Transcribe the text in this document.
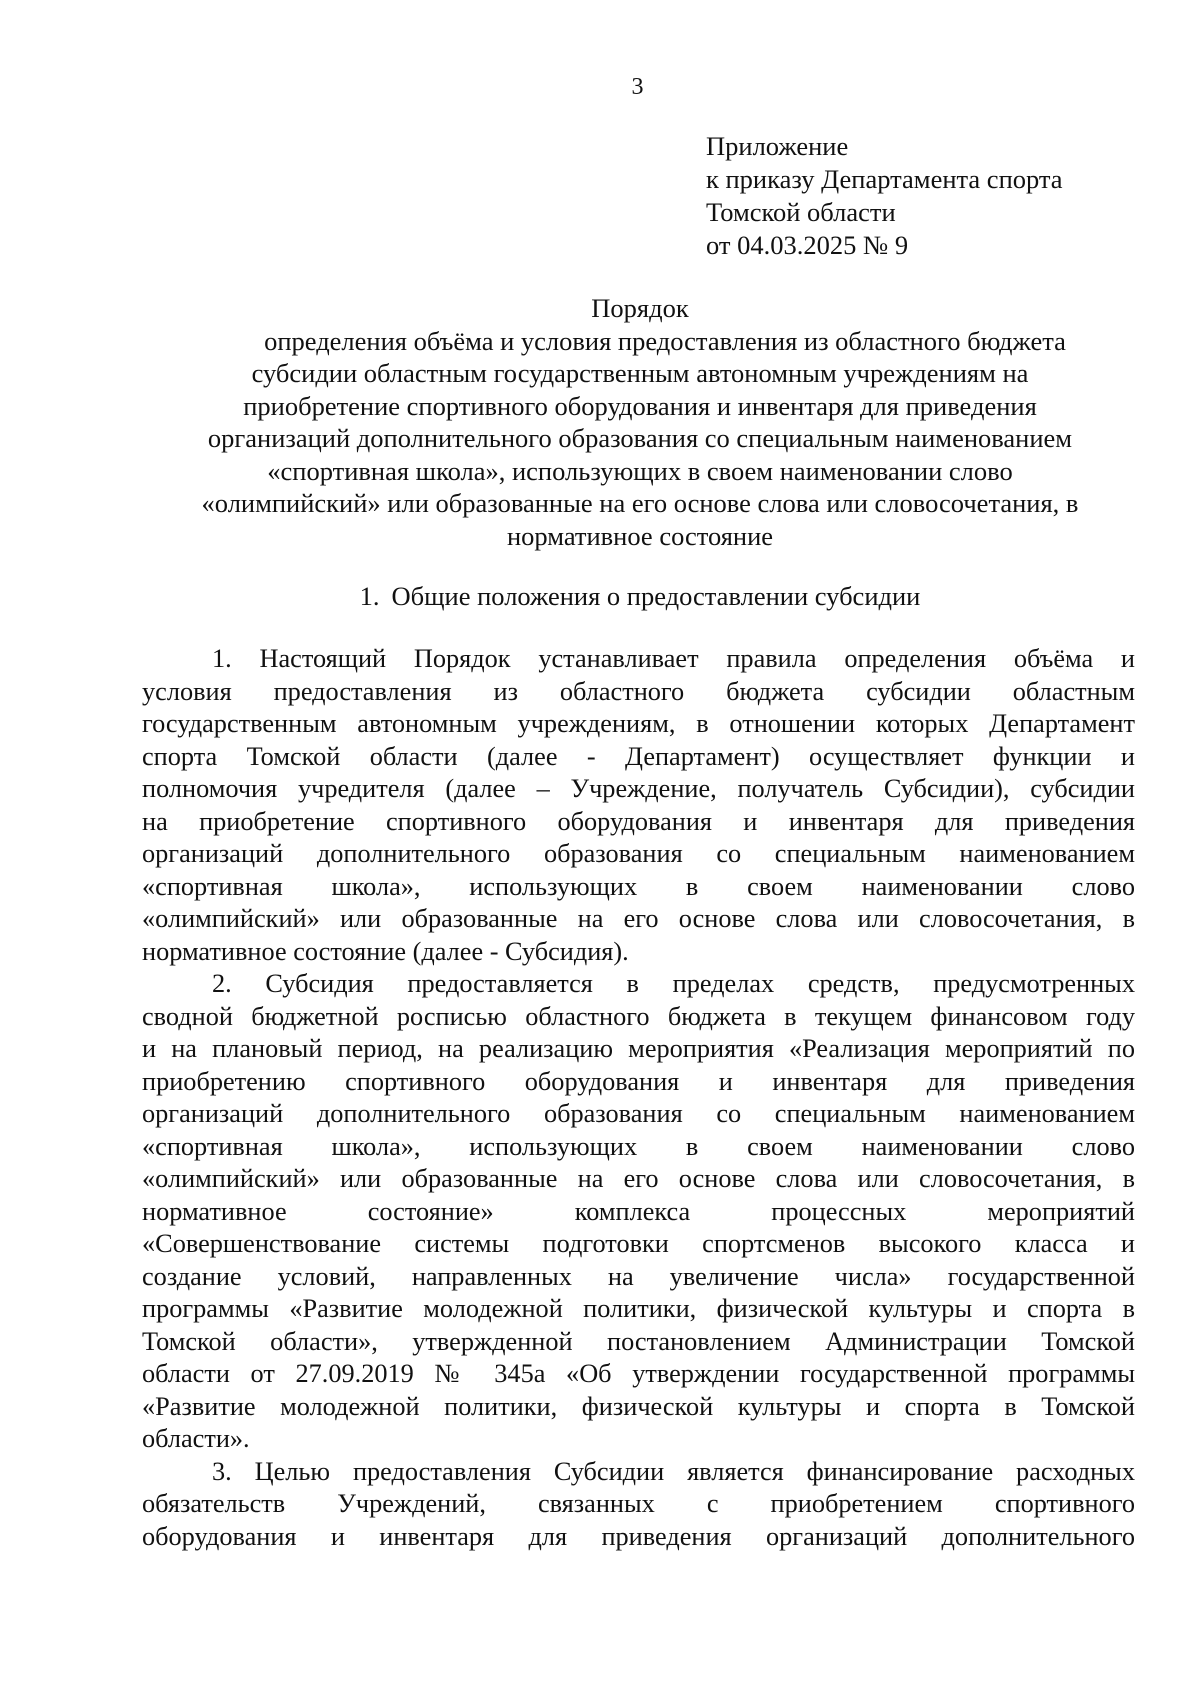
3
Приложение
к приказу Департамента спорта
Томской области
от 04.03.2025 № 9
Порядок
определения объёма и условия предоставления из областного бюджета
субсидии областным государственным автономным учреждениям на
приобретение спортивного оборудования и инвентаря для приведения
организаций дополнительного образования со специальным наименованием
«спортивная школа», использующих в своем наименовании слово
«олимпийский» или образованные на его основе слова или словосочетания, в
нормативное состояние
1. Общие положения о предоставлении субсидии
1. Настоящий Порядок устанавливает правила определения объёма и
условия предоставления из областного бюджета субсидии областным
государственным автономным учреждениям, в отношении которых Департамент
спорта Томской области (далее - Департамент) осуществляет функции и
полномочия учредителя (далее – Учреждение, получатель Субсидии), субсидии
на приобретение спортивного оборудования и инвентаря для приведения
организаций дополнительного образования со специальным наименованием
«спортивная школа», использующих в своем наименовании слово
«олимпийский» или образованные на его основе слова или словосочетания, в
нормативное состояние (далее - Субсидия).
2. Субсидия предоставляется в пределах средств, предусмотренных
сводной бюджетной росписью областного бюджета в текущем финансовом году
и на плановый период, на реализацию мероприятия «Реализация мероприятий по
приобретению спортивного оборудования и инвентаря для приведения
организаций дополнительного образования со специальным наименованием
«спортивная школа», использующих в своем наименовании слово
«олимпийский» или образованные на его основе слова или словосочетания, в
нормативное состояние» комплекса процессных мероприятий
«Совершенствование системы подготовки спортсменов высокого класса и
создание условий, направленных на увеличение числа» государственной
программы «Развитие молодежной политики, физической культуры и спорта в
Томской области», утвержденной постановлением Администрации Томской
области от 27.09.2019 № 345а «Об утверждении государственной программы
«Развитие молодежной политики, физической культуры и спорта в Томской
области».
3. Целью предоставления Субсидии является финансирование расходных
обязательств Учреждений, связанных с приобретением спортивного
оборудования и инвентаря для приведения организаций дополнительного
